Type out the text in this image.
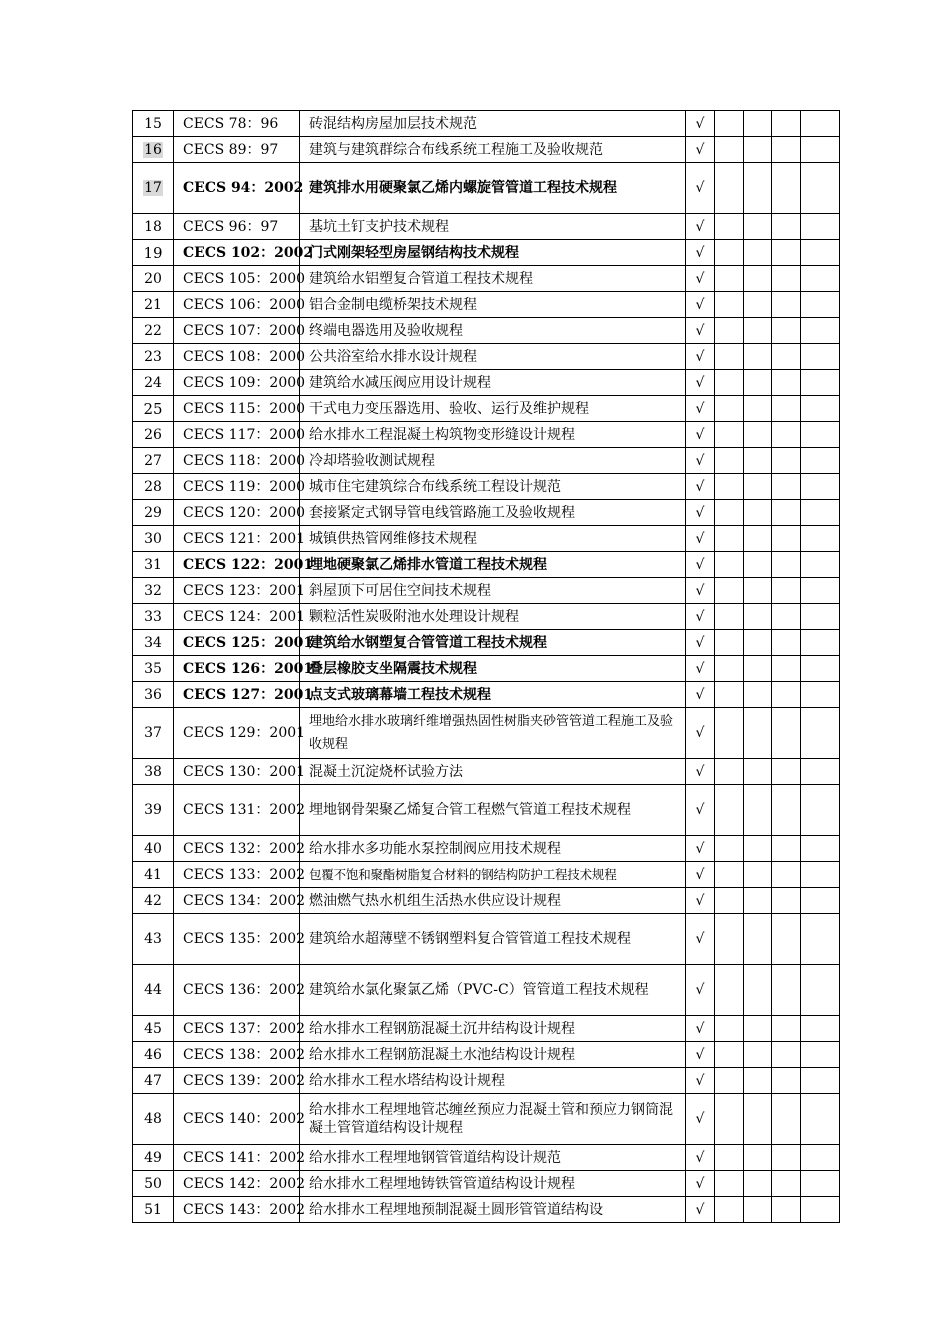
15	CECS 78：96	砖混结构房屋加层技术规范	√				
16	CECS 89：97	建筑与建筑群综合布线系统工程施工及验收规范	√				
17	CECS 94：2002	建筑排水用硬聚氯乙烯内螺旋管管道工程技术规程	√				
18	CECS 96：97	基坑土钉支护技术规程	√				
19	CECS 102：2002	门式刚架轻型房屋钢结构技术规程	√				
20	CECS 105：2000	建筑给水铝塑复合管道工程技术规程	√				
21	CECS 106：2000	铝合金制电缆桥架技术规程	√				
22	CECS 107：2000	终端电器选用及验收规程	√				
23	CECS 108：2000	公共浴室给水排水设计规程	√				
24	CECS 109：2000	建筑给水减压阀应用设计规程	√				
25	CECS 115：2000	干式电力变压器选用、验收、运行及维护规程	√				
26	CECS 117：2000	给水排水工程混凝土构筑物变形缝设计规程	√				
27	CECS 118：2000	冷却塔验收测试规程	√				
28	CECS 119：2000	城市住宅建筑综合布线系统工程设计规范	√				
29	CECS 120：2000	套接紧定式钢导管电线管路施工及验收规程	√				
30	CECS 121：2001	城镇供热管网维修技术规程	√				
31	CECS 122：2001	埋地硬聚氯乙烯排水管道工程技术规程	√				
32	CECS 123：2001	斜屋顶下可居住空间技术规程	√				
33	CECS 124：2001	颗粒活性炭吸附池水处理设计规程	√				
34	CECS 125：2001	建筑给水钢塑复合管管道工程技术规程	√				
35	CECS 126：2001	叠层橡胶支坐隔震技术规程	√				
36	CECS 127：2001	点支式玻璃幕墙工程技术规程	√				
37	CECS 129：2001	埋地给水排水玻璃纤维增强热固性树脂夹砂管管道工程施工及验收规程	√				
38	CECS 130：2001	混凝土沉淀烧杯试验方法	√				
39	CECS 131：2002	埋地钢骨架聚乙烯复合管工程燃气管道工程技术规程	√				
40	CECS 132：2002	给水排水多功能水泵控制阀应用技术规程	√				
41	CECS 133：2002	包覆不饱和聚酯树脂复合材料的钢结构防护工程技术规程	√				
42	CECS 134：2002	燃油燃气热水机组生活热水供应设计规程	√				
43	CECS 135：2002	建筑给水超薄壁不锈钢塑料复合管管道工程技术规程	√				
44	CECS 136：2002	建筑给水氯化聚氯乙烯（PVC-C）管管道工程技术规程	√				
45	CECS 137：2002	给水排水工程钢筋混凝土沉井结构设计规程	√				
46	CECS 138：2002	给水排水工程钢筋混凝土水池结构设计规程	√				
47	CECS 139：2002	给水排水工程水塔结构设计规程	√				
48	CECS 140：2002	给水排水工程埋地管芯缠丝预应力混凝土管和预应力钢筒混凝土管管道结构设计规程	√				
49	CECS 141：2002	给水排水工程埋地钢管管道结构设计规范	√				
50	CECS 142：2002	给水排水工程埋地铸铁管管道结构设计规程	√				
51	CECS 143：2002	给水排水工程埋地预制混凝土圆形管管道结构设	√				
